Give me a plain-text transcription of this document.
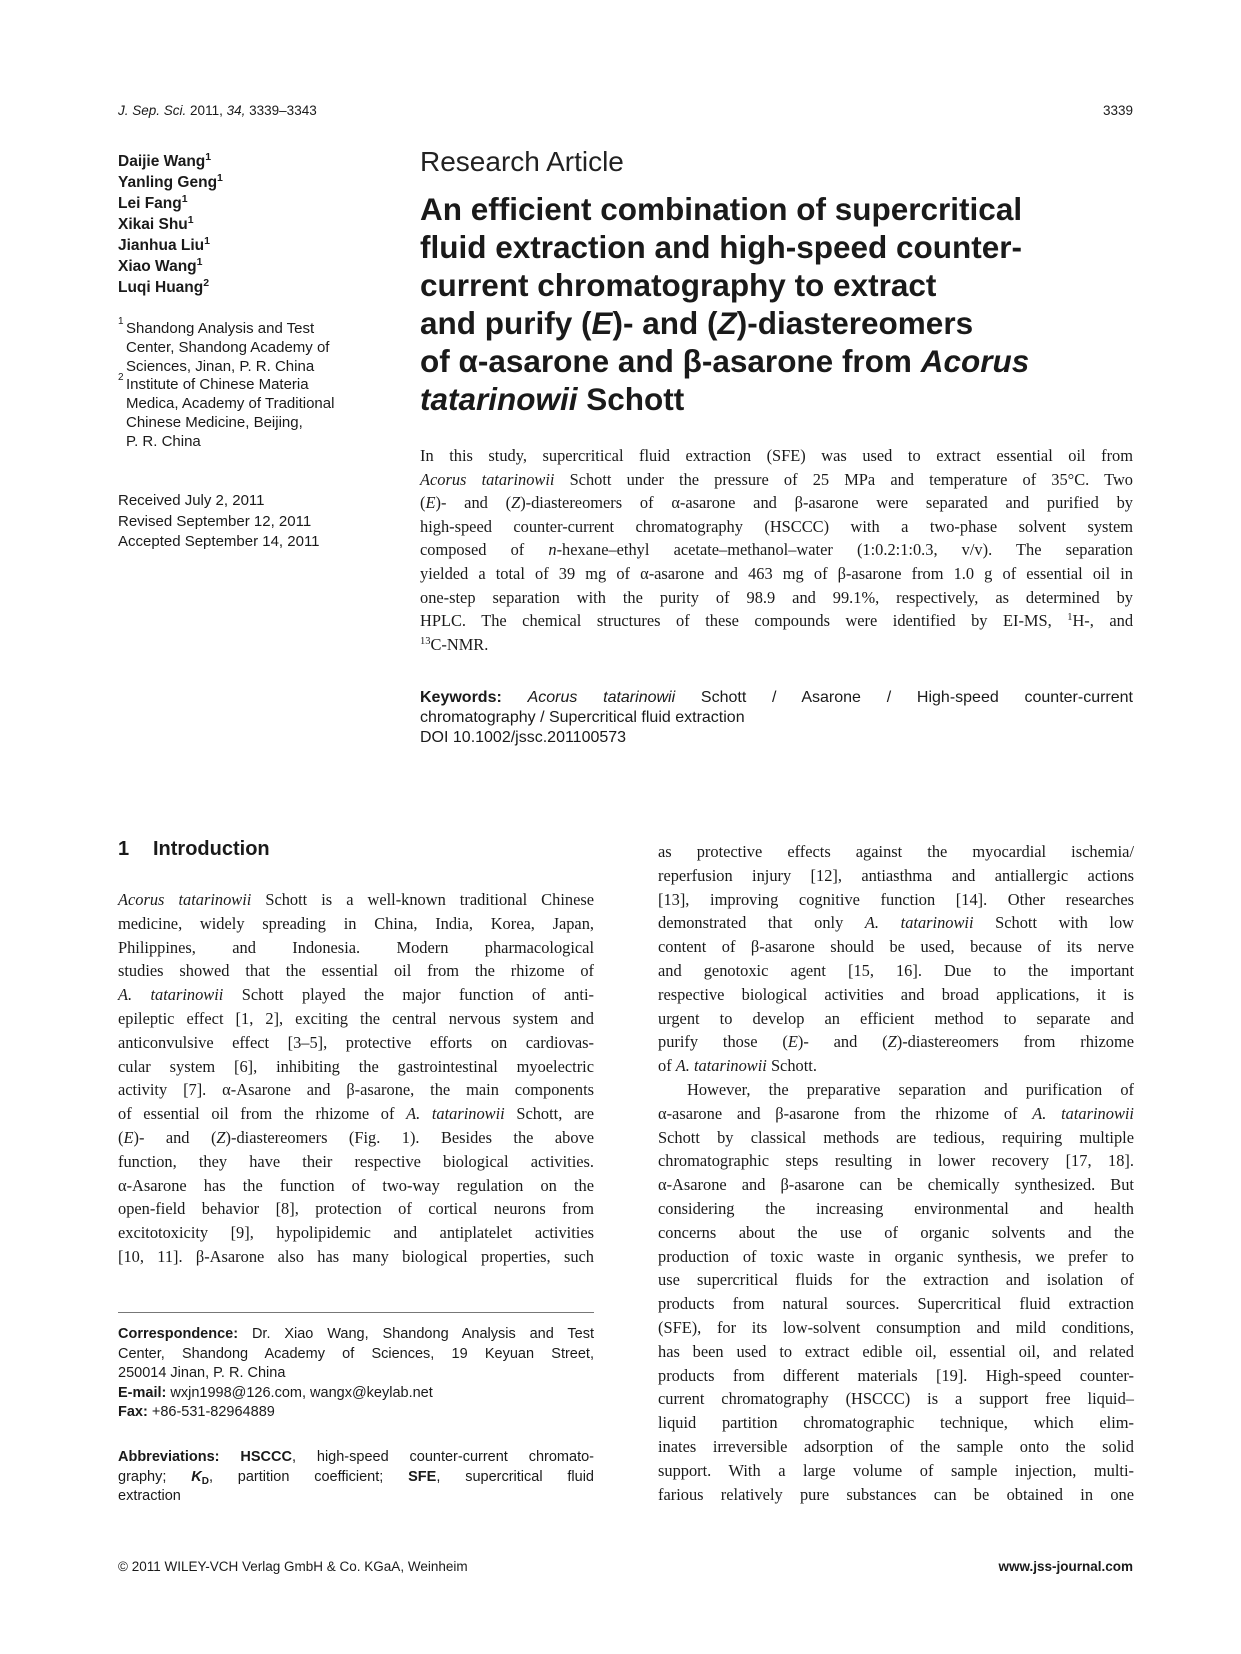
J. Sep. Sci. 2011, 34, 3339–3343	3339
Daijie Wang$^1$
Yanling Geng$^1$
Lei Fang$^1$
Xikai Shu$^1$
Jianhua Liu$^1$
Xiao Wang$^1$
Luqi Huang$^2$
1 Shandong Analysis and Test
Center, Shandong Academy of
Sciences, Jinan, P. R. China
2 Institute of Chinese Materia
Medica, Academy of Traditional
Chinese Medicine, Beijing,
P. R. China
Received July 2, 2011
Revised September 12, 2011
Accepted September 14, 2011
Research Article
An efficient combination of supercritical
fluid extraction and high-speed counter-
current chromatography to extract
and purify (E)- and (Z)-diastereomers
of α-asarone and β-asarone from Acorus
tatarinowii Schott
In this study, supercritical fluid extraction (SFE) was used to extract essential oil from
Acorus tatarinowii Schott under the pressure of 25 MPa and temperature of 35°C. Two
(E)- and (Z)-diastereomers of α-asarone and β-asarone were separated and purified by
high-speed counter-current chromatography (HSCCC) with a two-phase solvent system
composed of n-hexane–ethyl acetate–methanol–water (1:0.2:1:0.3, v/v). The separation
yielded a total of 39 mg of α-asarone and 463 mg of β-asarone from 1.0 g of essential oil in
one-step separation with the purity of 98.9 and 99.1%, respectively, as determined by
HPLC. The chemical structures of these compounds were identified by EI-MS, $^1$H-, and
$^{13}$C-NMR.
Keywords: Acorus tatarinowii Schott / Asarone / High-speed counter-current
chromatography / Supercritical fluid extraction
DOI 10.1002/jssc.201100573
1 Introduction
Acorus tatarinowii Schott is a well-known traditional Chinese
medicine, widely spreading in China, India, Korea, Japan,
Philippines, and Indonesia. Modern pharmacological
studies showed that the essential oil from the rhizome of
A. tatarinowii Schott played the major function of anti-
epileptic effect [1, 2], exciting the central nervous system and
anticonvulsive effect [3–5], protective efforts on cardiovas-
cular system [6], inhibiting the gastrointestinal myoelectric
activity [7]. α-Asarone and β-asarone, the main components
of essential oil from the rhizome of A. tatarinowii Schott, are
(E)- and (Z)-diastereomers (Fig. 1). Besides the above
function, they have their respective biological activities.
α-Asarone has the function of two-way regulation on the
open-field behavior [8], protection of cortical neurons from
excitotoxicity [9], hypolipidemic and antiplatelet activities
[10, 11]. β-Asarone also has many biological properties, such
as protective effects against the myocardial ischemia/
reperfusion injury [12], antiasthma and antiallergic actions
[13], improving cognitive function [14]. Other researches
demonstrated that only A. tatarinowii Schott with low
content of β-asarone should be used, because of its nerve
and genotoxic agent [15, 16]. Due to the important
respective biological activities and broad applications, it is
urgent to develop an efficient method to separate and
purify those (E)- and (Z)-diastereomers from rhizome
of A. tatarinowii Schott.
However, the preparative separation and purification of
α-asarone and β-asarone from the rhizome of A. tatarinowii
Schott by classical methods are tedious, requiring multiple
chromatographic steps resulting in lower recovery [17, 18].
α-Asarone and β-asarone can be chemically synthesized. But
considering the increasing environmental and health
concerns about the use of organic solvents and the
production of toxic waste in organic synthesis, we prefer to
use supercritical fluids for the extraction and isolation of
products from natural sources. Supercritical fluid extraction
(SFE), for its low-solvent consumption and mild conditions,
has been used to extract edible oil, essential oil, and related
products from different materials [19]. High-speed counter-
current chromatography (HSCCC) is a support free liquid–
liquid partition chromatographic technique, which elim-
inates irreversible adsorption of the sample onto the solid
support. With a large volume of sample injection, multi-
farious relatively pure substances can be obtained in one
Correspondence: Dr. Xiao Wang, Shandong Analysis and Test
Center, Shandong Academy of Sciences, 19 Keyuan Street,
250014 Jinan, P. R. China
E-mail: wxjn1998@126.com, wangx@keylab.net
Fax: +86-531-82964889
Abbreviations: HSCCC, high-speed counter-current chromato-
graphy; $K_D$, partition coefficient; SFE, supercritical fluid
extraction
© 2011 WILEY-VCH Verlag GmbH & Co. KGaA, Weinheim	www.jss-journal.com
